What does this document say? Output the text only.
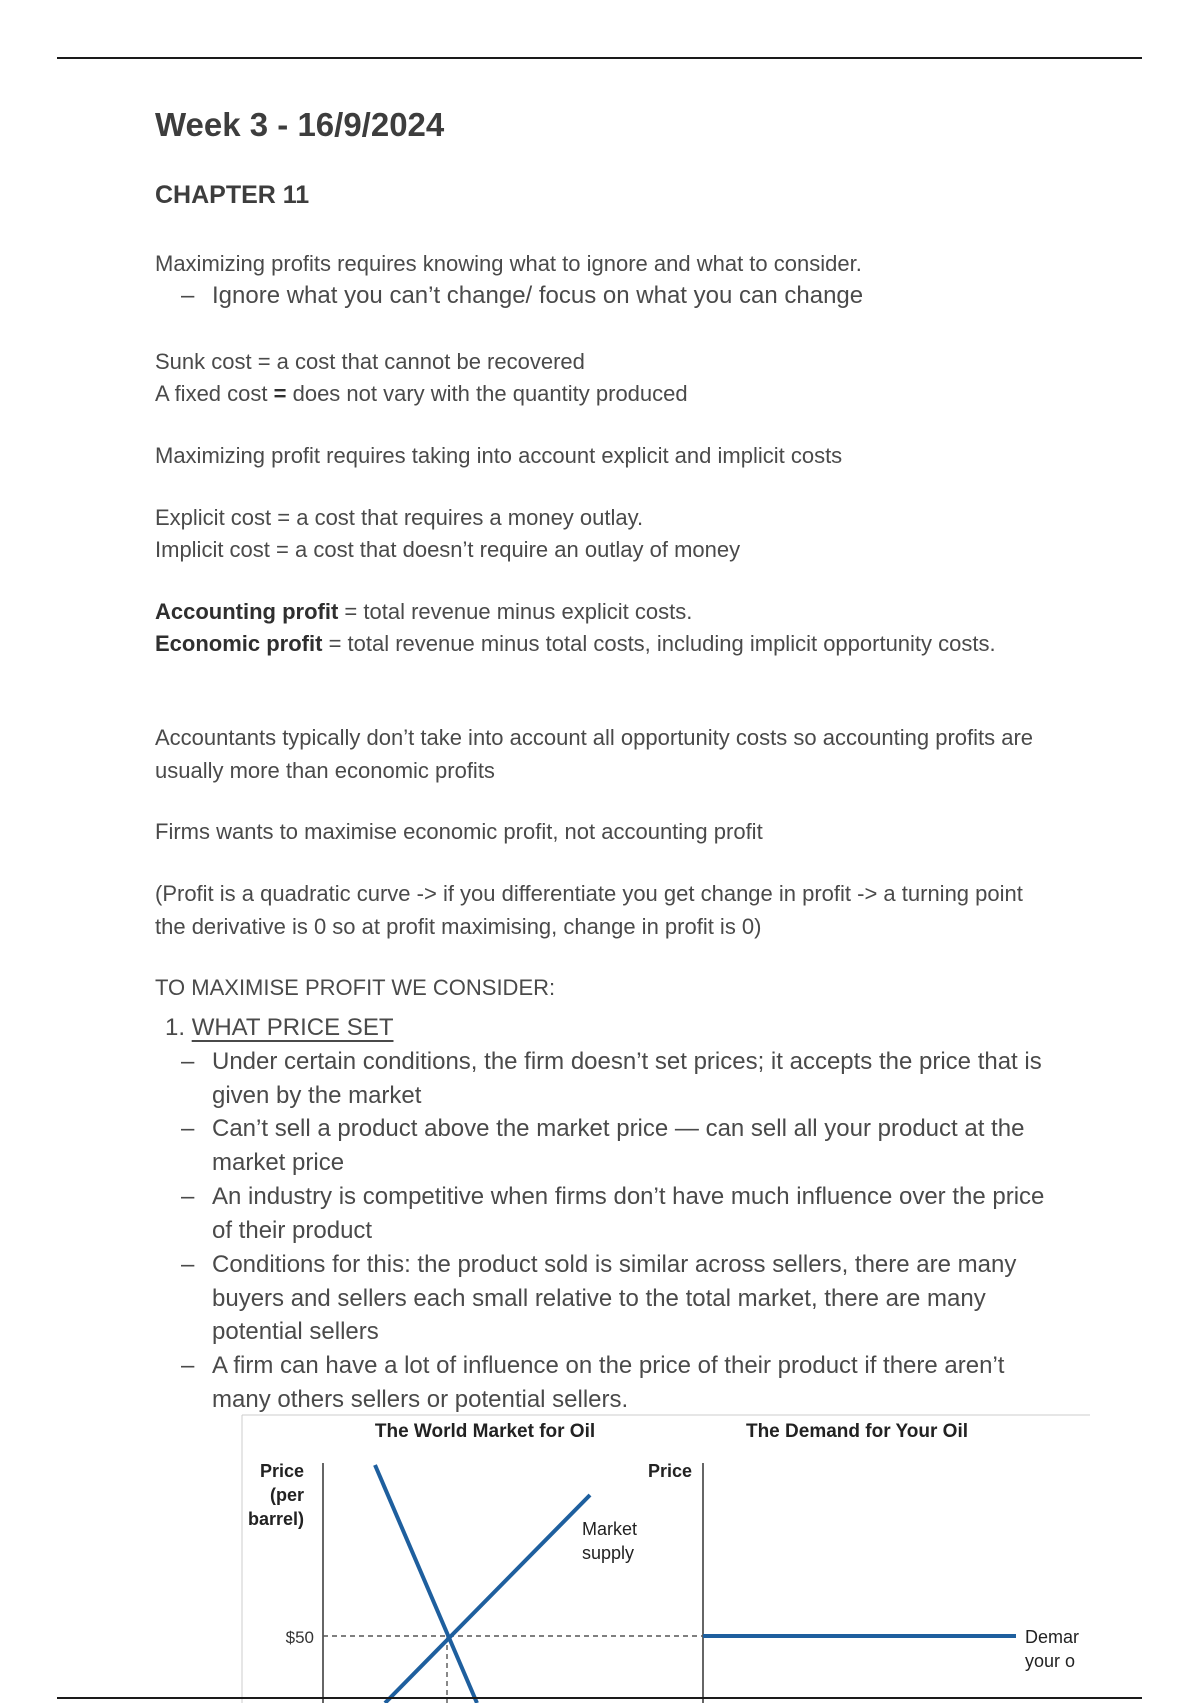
Week 3 - 16/9/2024
CHAPTER 11

Maximizing profits requires knowing what to ignore and what to consider.

– Ignore what you can’t change/ focus on what you can change

Sunk cost = a cost that cannot be recovered

A fixed cost = does not vary with the quantity produced

Maximizing profit requires taking into account explicit and implicit costs

Explicit cost = a cost that requires a money outlay.

Implicit cost = a cost that doesn’t require an outlay of money

Accounting profit = total revenue minus explicit costs.

Economic profit = total revenue minus total costs, including implicit opportunity costs.

Accountants typically don’t take into account all opportunity costs so accounting profits are usually more than economic profits

Firms wants to maximise economic profit, not accounting profit

(Profit is a quadratic curve -> if you differentiate you get change in profit -> a turning point the derivative is 0 so at profit maximising, change in profit is 0)

TO MAXIMISE PROFIT WE CONSIDER:

1. WHAT PRICE SET
– Under certain conditions, the firm doesn’t set prices; it accepts the price that is given by the market
– Can’t sell a product above the market price — can sell all your product at the market price
– An industry is competitive when firms don’t have much influence over the price of their product
– Conditions for this: the product sold is similar across sellers, there are many buyers and sellers each small relative to the total market, there are many potential sellers
– A firm can have a lot of influence on the price of their product if there aren’t many others sellers or potential sellers.
The World Market for Oil	The Demand for Your Oil
Price
(per
barrel)
Price
$50
Market
supply
Demar
your o
